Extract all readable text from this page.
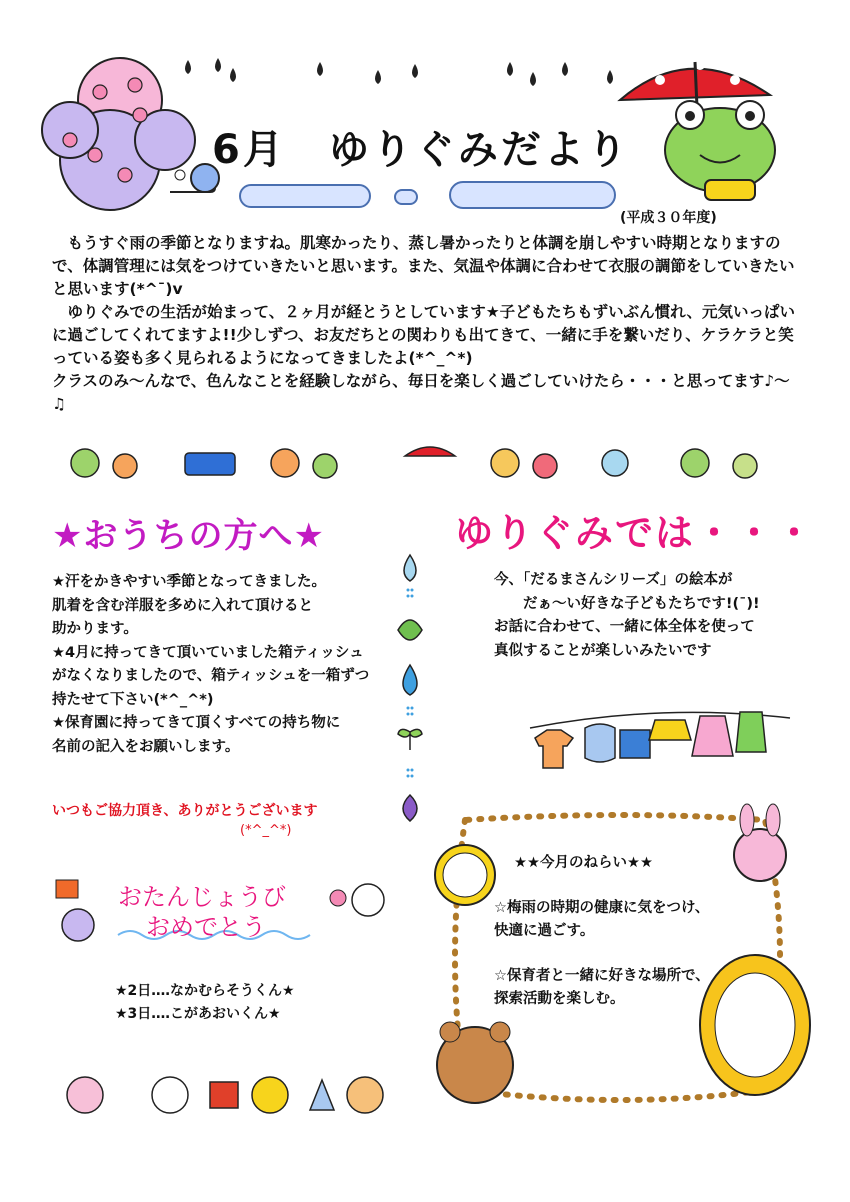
6月　ゆりぐみだより
(平成３０年度)

　もうすぐ雨の季節となりますね。肌寒かったり、蒸し暑かったりと体調を崩しやすい時期となりますので、体調管理には気をつけていきたいと思います。また、気温や体調に合わせて衣服の調節をしていきたいと思います(*^¯)v

　ゆりぐみでの生活が始まって、２ヶ月が経とうとしています★子どもたちもずいぶん慣れ、元気いっぱいに過ごしてくれてますよ!!少しずつ、お友だちとの関わりも出てきて、一緒に手を繋いだり、ケラケラと笑っている姿も多く見られるようになってきましたよ(*^_^*)

クラスのみ～んなで、色んなことを経験しながら、毎日を楽しく過ごしていけたら・・・と思ってます♪～♫

★おうちの方へ★

★汗をかきやすい季節となってきました。

肌着を含む洋服を多めに入れて頂けると

助かります。

★4月に持ってきて頂いていました箱ティッシュ

がなくなりましたので、箱ティッシュを一箱ずつ

持たせて下さい(*^_^*)

★保育園に持ってきて頂くすべての持ち物に

名前の記入をお願いします。

いつもご協力頂き、ありがとうございます
(*^_^*)
ゆりぐみでは・・・

今、「だるまさんシリーズ」の絵本が

　　だぁ～い好きな子どもたちです!(¯)!

お話に合わせて、一緒に体全体を使って

真似することが楽しいみたいです

おたんじょうび
おめでとう

★2日‥‥なかむらそうくん★

★3日‥‥こがあおいくん★

★★今月のねらい★★

☆梅雨の時期の健康に気をつけ、

快適に過ごす。

☆保育者と一緒に好きな場所で、

探索活動を楽しむ。
